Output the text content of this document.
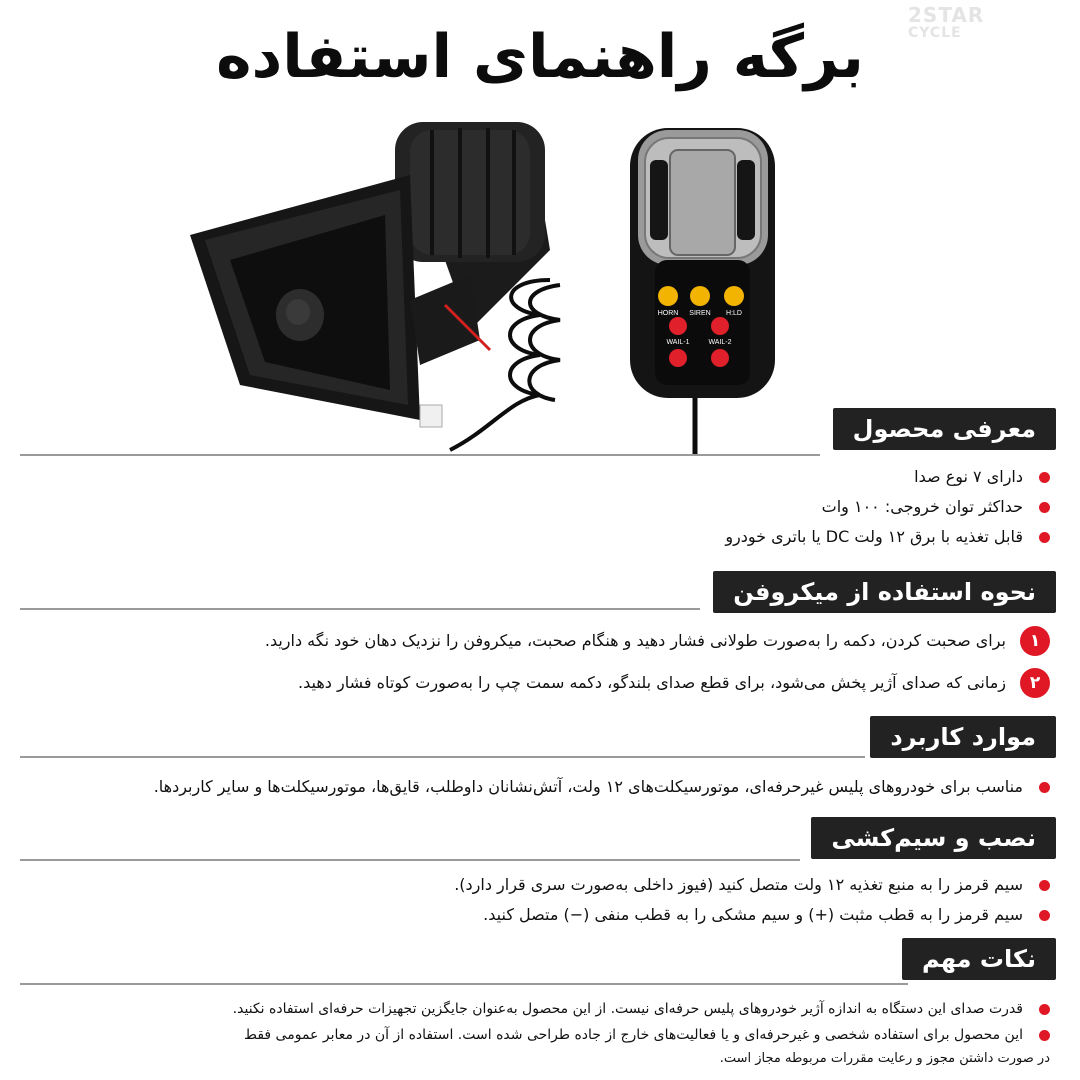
2STAR
CYCLE
برگه راهنمای استفاده
HORN SIREN H:LD
WAIL-1	WAIL-2
معرفی محصول
دارای ۷ نوع صدا
حداکثر توان خروجی: ۱۰۰ وات
قابل تغذیه با برق ۱۲ ولت DC یا باتری خودرو
نحوه استفاده از میکروفن
۱
برای صحبت کردن، دکمه را به‌صورت طولانی فشار دهید و هنگام صحبت، میکروفن را نزدیک دهان خود نگه دارید.
۲
زمانی که صدای آژیر پخش می‌شود، برای قطع صدای بلندگو، دکمه سمت چپ را به‌صورت کوتاه فشار دهید.
موارد کاربرد
مناسب برای خودروهای پلیس غیرحرفه‌ای، موتورسیکلت‌های ۱۲ ولت، آتش‌نشانان داوطلب، قایق‌ها، موتورسیکلت‌ها و سایر کاربردها.
نصب و سیم‌کشی
سیم قرمز را به منبع تغذیه ۱۲ ولت متصل کنید (فیوز داخلی به‌صورت سری قرار دارد).
سیم قرمز را به قطب مثبت (+) و سیم مشکی را به قطب منفی (−) متصل کنید.
نکات مهم
قدرت صدای این دستگاه به اندازه آژیر خودروهای پلیس حرفه‌ای نیست. از این محصول به‌عنوان جایگزین تجهیزات حرفه‌ای استفاده نکنید.
این محصول برای استفاده شخصی و غیرحرفه‌ای و یا فعالیت‌های خارج از جاده طراحی شده است. استفاده از آن در معابر عمومی فقط
در صورت داشتن مجوز و رعایت مقررات مربوطه مجاز است.
